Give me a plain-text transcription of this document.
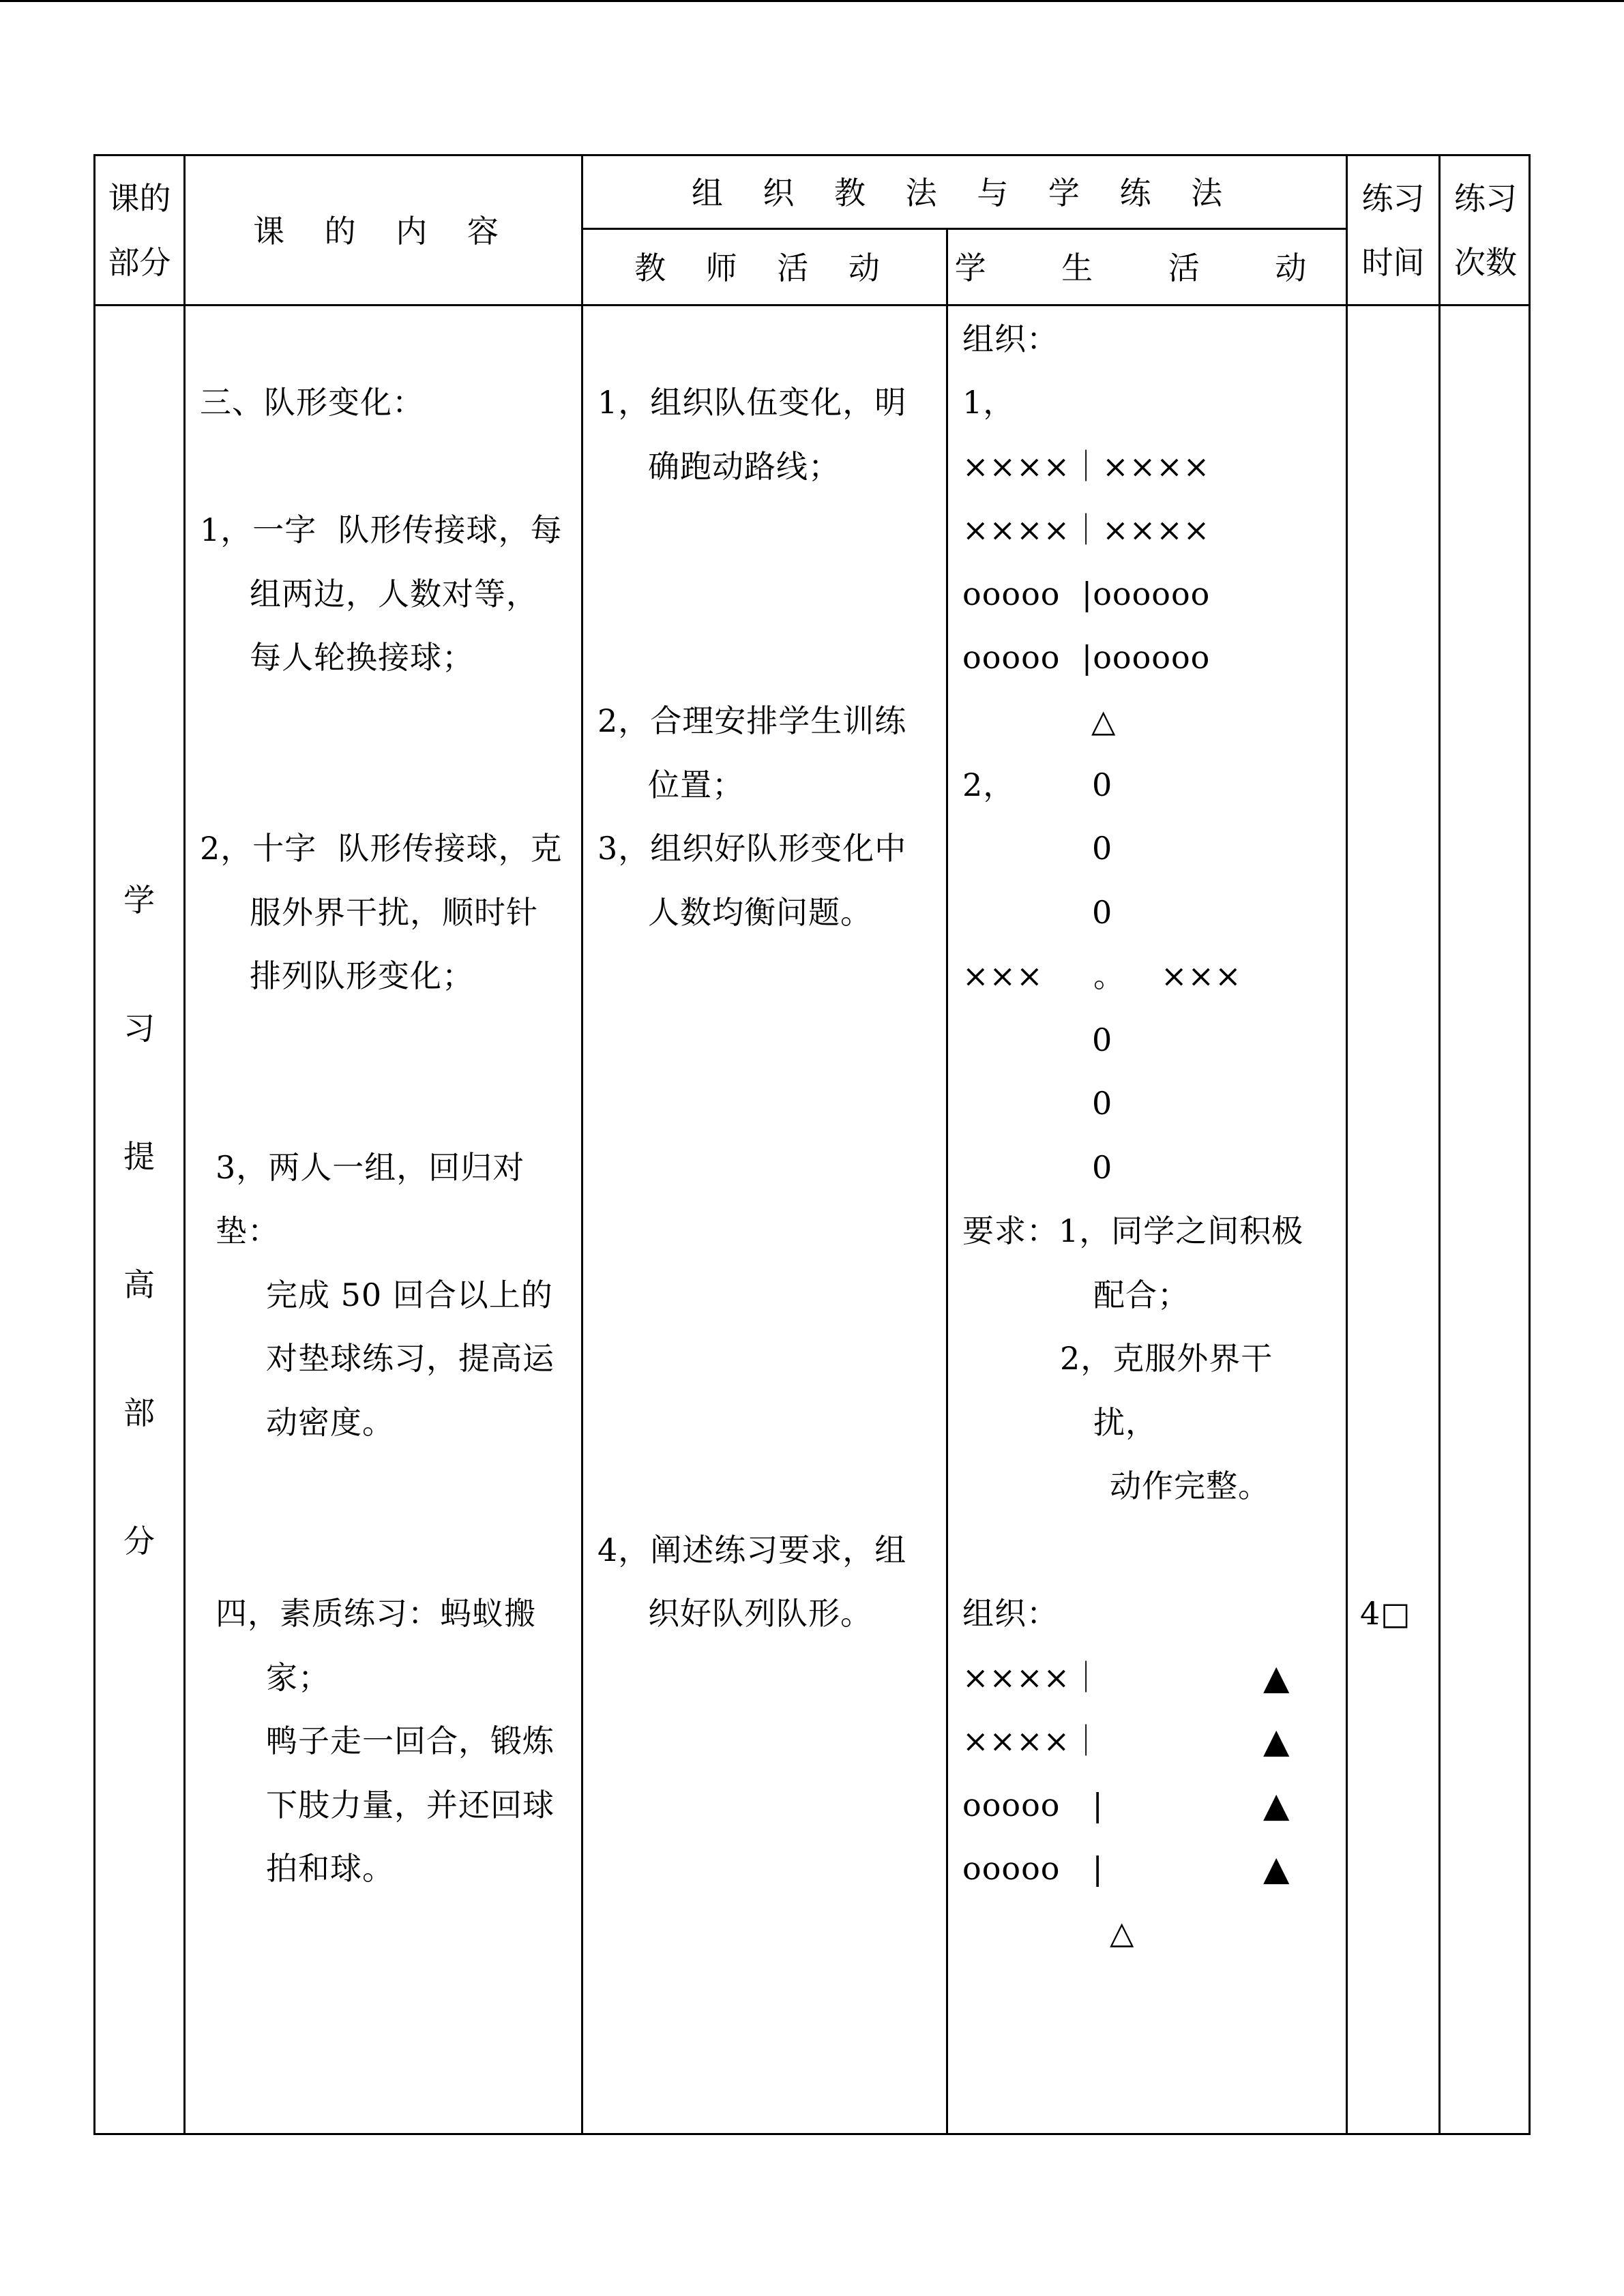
课的
部分
课 的 内 容
组 织 教 法 与 学 练 法
教 师 活 动	学 生 活 动
练习
时间
练习
次数
学
习
提
高
部
分
三、队形变化：
1，一字  队形传接球，每
组两边，人数对等，
每人轮换接球；
2，十字  队形传接球，克
服外界干扰，顺时针
排列队形变化；
3，两人一组，回归对
垫：
完成 50 回合以上的
对垫球练习，提高运
动密度。
四，素质练习：蚂蚁搬
家；
鸭子走一回合，锻炼
下肢力量，并还回球
拍和球。
1，组织队伍变化，明
确跑动路线；
2，合理安排学生训练
位置；
3，组织好队形变化中
人数均衡问题。
4，阐述练习要求，组
织好队列队形。
组织：
1，
××××｜××××
××××｜××××
ooooo  |oooooo
ooooo  |oooooo
△
2， 0
0
0
××× 。 ×××
0
0
0
要求：1，同学之间积极
配合；
2，克服外界干
扰，
动作完整。
组织：
××××｜
××××｜
ooooo   |
ooooo   |
▲
▲
▲
▲
△
4□
